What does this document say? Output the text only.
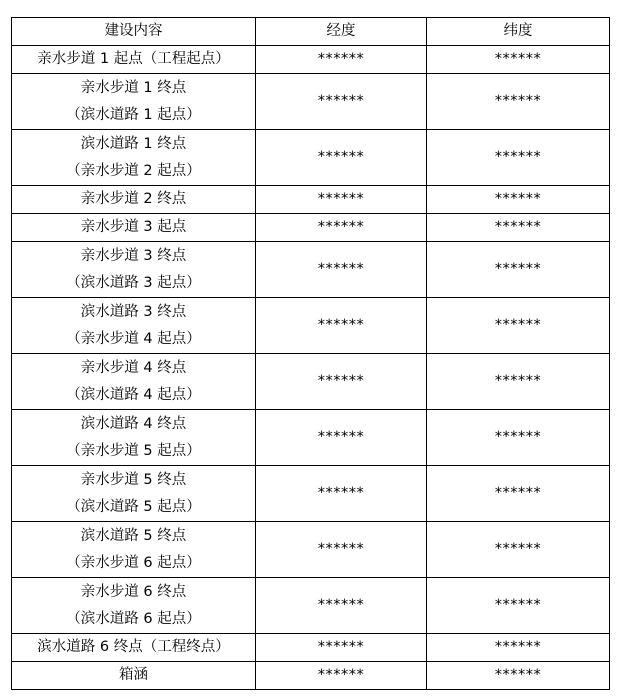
建设内容	经度	纬度

亲水步道 1 起点（工程起点）	******	******

亲水步道 1 终点
（滨水道路 1 起点）	******	******

滨水道路 1 终点
（亲水步道 2 起点）	******	******

亲水步道 2 终点	******	******

亲水步道 3 起点	******	******

亲水步道 3 终点
（滨水道路 3 起点）	******	******

滨水道路 3 终点
（亲水步道 4 起点）	******	******

亲水步道 4 终点
（滨水道路 4 起点）	******	******

滨水道路 4 终点
（亲水步道 5 起点）	******	******

亲水步道 5 终点
（滨水道路 5 起点）	******	******

滨水道路 5 终点
（亲水步道 6 起点）	******	******

亲水步道 6 终点
（滨水道路 6 起点）	******	******

滨水道路 6 终点（工程终点）	******	******

箱涵	******	******
